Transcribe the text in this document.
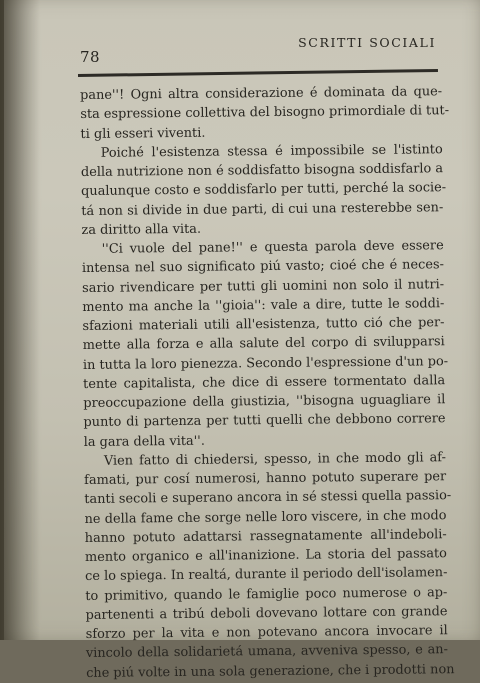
78
SCRITTI SOCIALI
pane''! Ogni altra considerazione é dominata da que-
sta espressione collettiva del bisogno primordiale di tut-
ti gli esseri viventi.
Poiché l'esistenza stessa é impossibile se l'istinto
della nutrizione non é soddisfatto bisogna soddisfarlo a
qualunque costo e soddisfarlo per tutti, perché la socie-
tá non si divide in due parti, di cui una resterebbe sen-
za diritto alla vita.
''Ci vuole del pane!'' e questa parola deve essere
intensa nel suo significato piú vasto; cioé che é neces-
sario rivendicare per tutti gli uomini non solo il nutri-
mento ma anche la ''gioia'': vale a dire, tutte le soddi-
sfazioni materiali utili all'esistenza, tutto ció che per-
mette alla forza e alla salute del corpo di svilupparsi
in tutta la loro pienezza. Secondo l'espressione d'un po-
tente capitalista, che dice di essere tormentato dalla
preoccupazione della giustizia, ''bisogna uguagliare il
punto di partenza per tutti quelli che debbono correre
la gara della vita''.
Vien fatto di chiedersi, spesso, in che modo gli af-
famati, pur cosí numerosi, hanno potuto superare per
tanti secoli e superano ancora in sé stessi quella passio-
ne della fame che sorge nelle loro viscere, in che modo
hanno potuto adattarsi rassegnatamente all'indeboli-
mento organico e all'inanizione. La storia del passato
ce lo spiega. In realtá, durante il periodo dell'isolamen-
to primitivo, quando le famiglie poco numerose o ap-
partenenti a tribú deboli dovevano lottare con grande
sforzo per la vita e non potevano ancora invocare il
vincolo della solidarietá umana, avveniva spesso, e an-
che piú volte in una sola generazione, che i prodotti non
